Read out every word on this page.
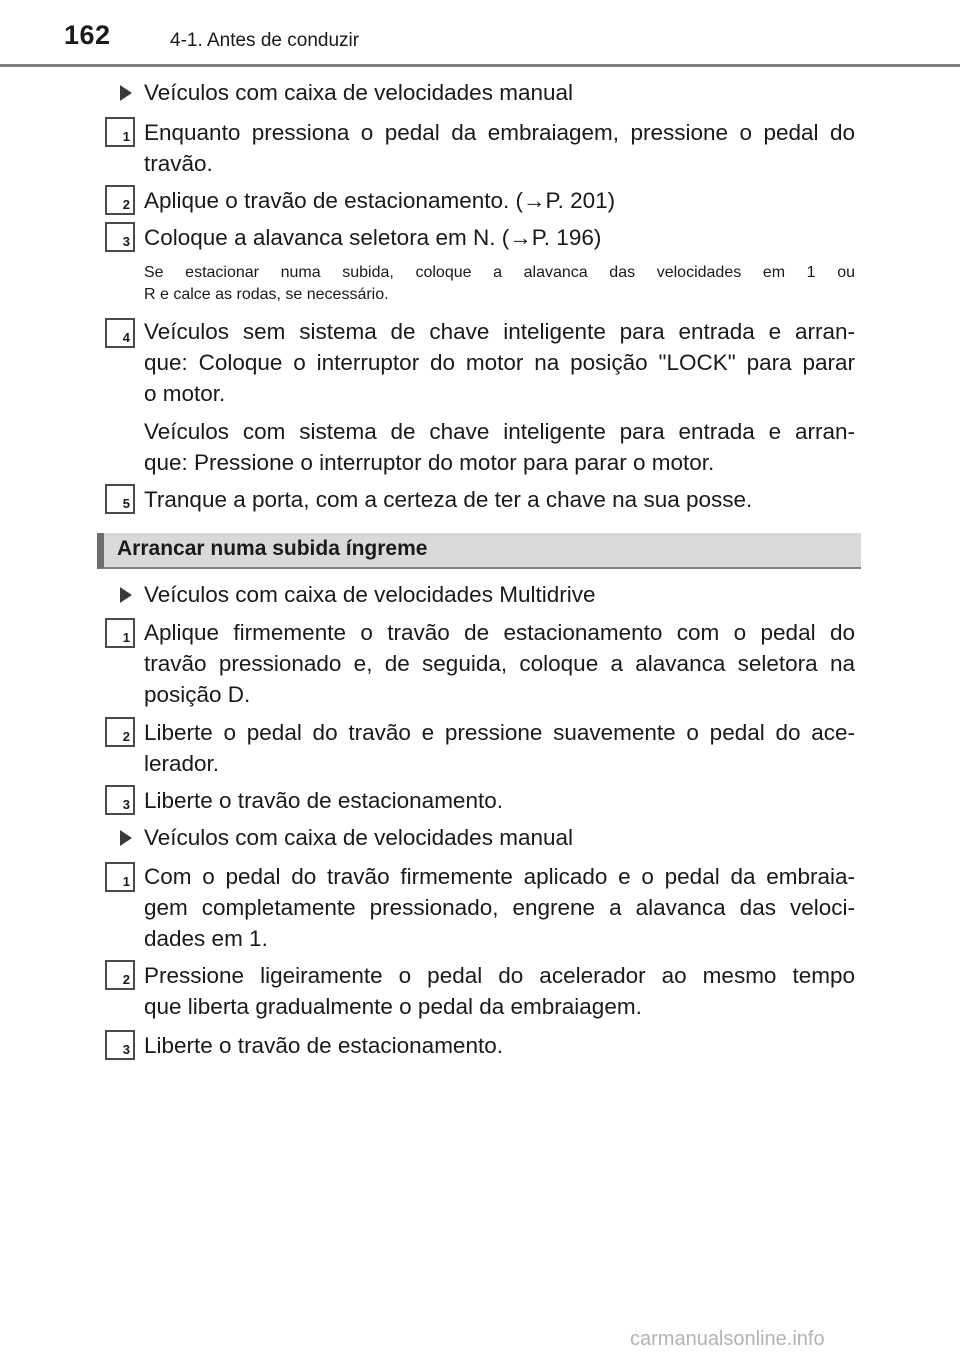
162	4-1. Antes de conduzir
Veículos com caixa de velocidades manual
1 Enquanto pressiona o pedal da embraiagem, pressione o pedal do
travão.
2 Aplique o travão de estacionamento. (→P. 201)
3 Coloque a alavanca seletora em N. (→P. 196)
Se estacionar numa subida, coloque a alavanca das velocidades em 1 ou
R e calce as rodas, se necessário.
4 Veículos sem sistema de chave inteligente para entrada e arran-
que: Coloque o interruptor do motor na posição "LOCK" para parar
o motor.
Veículos com sistema de chave inteligente para entrada e arran-
que: Pressione o interruptor do motor para parar o motor.
5 Tranque a porta, com a certeza de ter a chave na sua posse.
Arrancar numa subida íngreme
Veículos com caixa de velocidades Multidrive
1 Aplique firmemente o travão de estacionamento com o pedal do
travão pressionado e, de seguida, coloque a alavanca seletora na
posição D.
2 Liberte o pedal do travão e pressione suavemente o pedal do ace-
lerador.
3 Liberte o travão de estacionamento.
Veículos com caixa de velocidades manual
1 Com o pedal do travão firmemente aplicado e o pedal da embraia-
gem completamente pressionado, engrene a alavanca das veloci-
dades em 1.
2 Pressione ligeiramente o pedal do acelerador ao mesmo tempo
que liberta gradualmente o pedal da embraiagem.
3 Liberte o travão de estacionamento.
carmanualsonline.info
